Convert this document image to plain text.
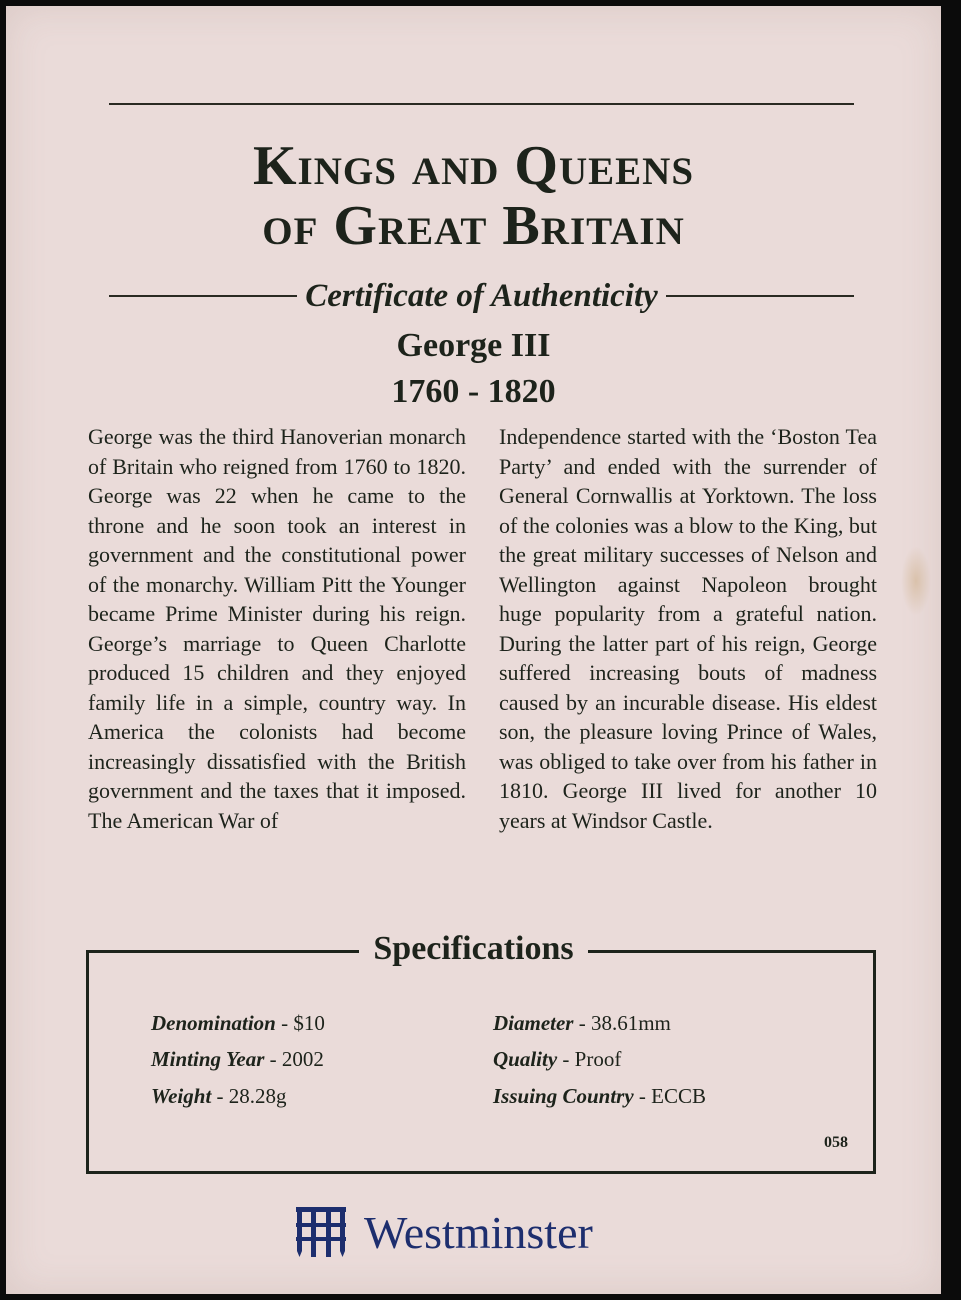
Kings and Queens
of Great Britain
Certificate of Authenticity
George III
1760 - 1820

George was the third Hanoverian monarch of Britain who reigned from 1760 to 1820. George was 22 when he came to the throne and he soon took an interest in government and the constitutional power of the monarchy. William Pitt the Younger became Prime Minister during his reign. George’s marriage to Queen Charlotte produced 15 children and they enjoyed family life in a simple, country way. In America the colonists had become increasingly dissatisfied with the British government and the taxes that it imposed. The American War of

Independence started with the ‘Boston Tea Party’ and ended with the surrender of General Cornwallis at Yorktown. The loss of the colonies was a blow to the King, but the great military successes of Nelson and Wellington against Napoleon brought huge popularity from a grateful nation. During the latter part of his reign, George suffered increasing bouts of madness caused by an incurable disease. His eldest son, the pleasure loving Prince of Wales, was obliged to take over from his father in 1810. George III lived for another 10 years at Windsor Castle.

Specifications
Denomination - $10
Minting Year - 2002
Weight - 28.28g
Diameter - 38.61mm
Quality - Proof
Issuing Country - ECCB
058
Westminster
